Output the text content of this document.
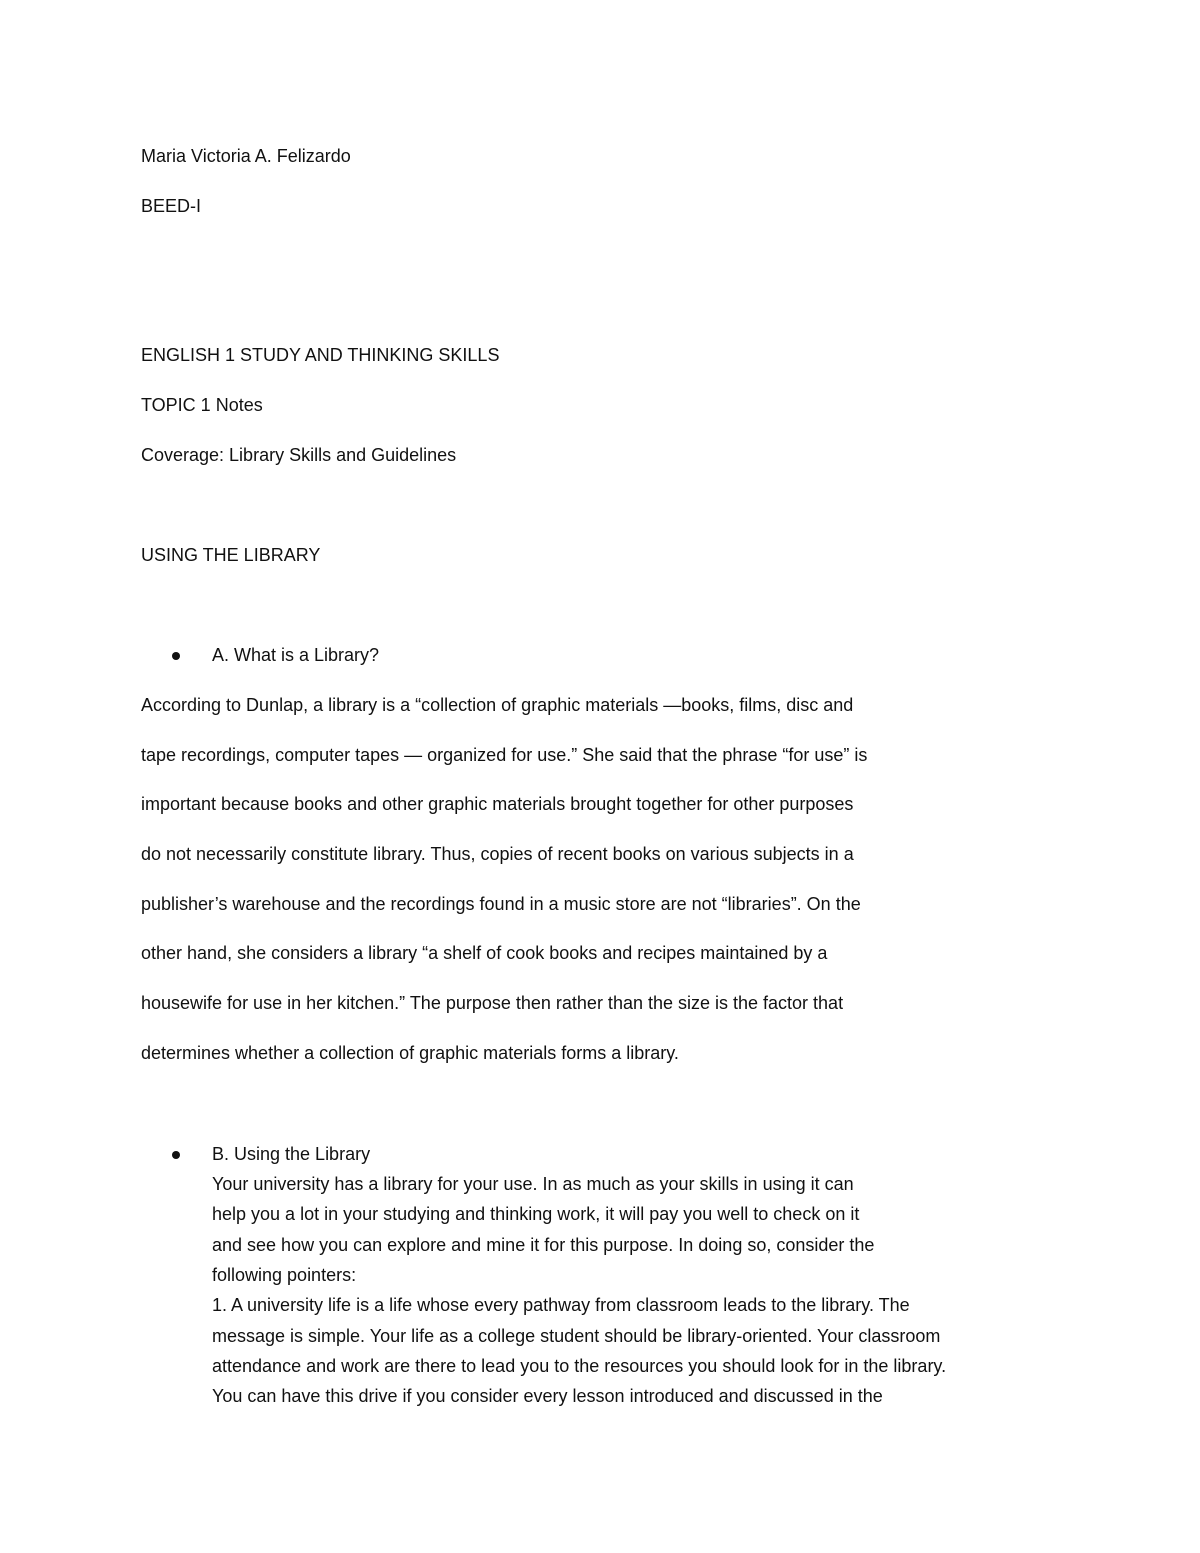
Maria Victoria A. Felizardo
BEED-I
ENGLISH 1 STUDY AND THINKING SKILLS
TOPIC 1 Notes
Coverage: Library Skills and Guidelines
USING THE LIBRARY
A. What is a Library?
According to Dunlap, a library is a “collection of graphic materials —books, films, disc and
tape recordings, computer tapes — organized for use.” She said that the phrase “for use” is
important because books and other graphic materials brought together for other purposes
do not necessarily constitute library. Thus, copies of recent books on various subjects in a
publisher’s warehouse and the recordings found in a music store are not “libraries”. On the
other hand, she considers a library “a shelf of cook books and recipes maintained by a
housewife for use in her kitchen.” The purpose then rather than the size is the factor that
determines whether a collection of graphic materials forms a library.
B. Using the Library
Your university has a library for your use. In as much as your skills in using it can
help you a lot in your studying and thinking work, it will pay you well to check on it
and see how you can explore and mine it for this purpose. In doing so, consider the
following pointers:
1. A university life is a life whose every pathway from classroom leads to the library. The
message is simple. Your life as a college student should be library-oriented. Your classroom
attendance and work are there to lead you to the resources you should look for in the library.
You can have this drive if you consider every lesson introduced and discussed in the
